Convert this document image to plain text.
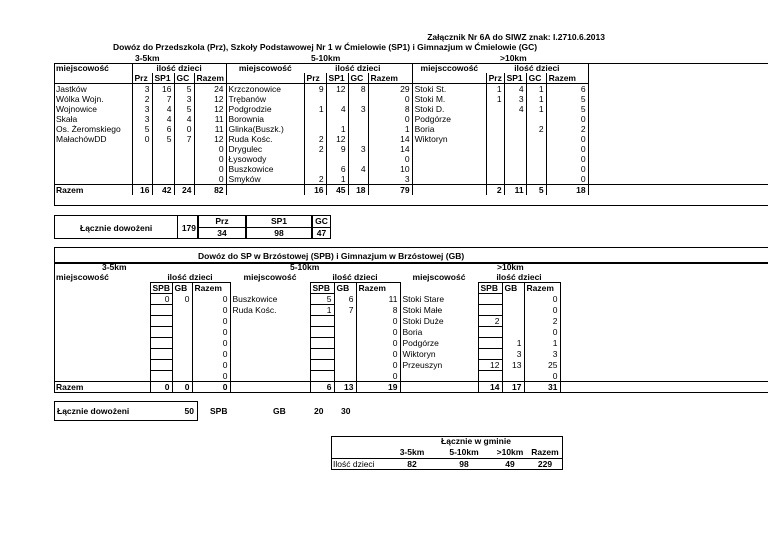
Załącznik Nr 6A do SIWZ znak: I.2710.6.2013
Dowóz do Przedszkola (Prz), Szkoły Podstawowej Nr 1 w Ćmielowie (SP1) i Gimnazjum w Ćmielowie (GC)
3-5km	5-10km	>10km
miejscowość	ilość dzieci				miejscowość	ilość dzieci				miejsccowość	ilość dzieci				
	Prz	SP1	GC	Razem		Prz	SP1	GC	Razem		Prz	SP1	GC	Razem	
Jastków	3	16	5	24	Krzczonowice	9	12	8	29	Stoki St.	1	4	1	6	
Wólka Wojn.	2	7	3	12	Trębanów				0	Stoki M.	1	3	1	5	
Wojnowice	3	4	5	12	Podgrodzie	1	4	3	8	Stoki D.		4	1	5	
Skała	3	4	4	11	Borownia				0	Podgórze				0	
Os. Żeromskiego	5	6	0	11	Glinka(Buszk.)		1		1	Boria			2	2	
MałachówDD	0	5	7	12	Ruda Kośc.	2	12		14	Wiktoryn				0	
				0	Drygulec	2	9	3	14					0	
				0	Łysowody				0					0	
				0	Buszkowice		6	4	10					0	
				0	Smyków	2	1		3					0	
Razem	16	42	24	82		16	45	18	79		2	11	5	18	
Łącznie dowożeni	179
Prz	SP1	GC
34	98	47
Dowóz do SP w Brzóstowej (SPB) i Gimnazjum w Brzóstowej (GB)
3-5km	5-10km	>10km
miejscowość	ilość dzieci			miejscowość	ilość dzieci			miejscowość	ilość dzieci			
	SPB	GB	Razem		SPB	GB	Razem		SPB	GB	Razem	
	0	0	0	Buszkowice	5	6	11	Stoki Stare			0	
			0	Ruda Kośc.	1	7	8	Stoki Małe			0	
			0				0	Stoki Duże	2		2	
			0				0	Boria			0	
			0				0	Podgórze		1	1	
			0				0	Wiktoryn		3	3	
			0				0	Przeuszyn	12	13	25	
			0				0				0	
Razem	0	0	0		6	13	19		14	17	31	
Łącznie dowożeni	50 SPB	GB	20 30
Łącznie w gminie
3-5km	5-10km	>10km Razem
Ilość dzieci	82	98	49	229
